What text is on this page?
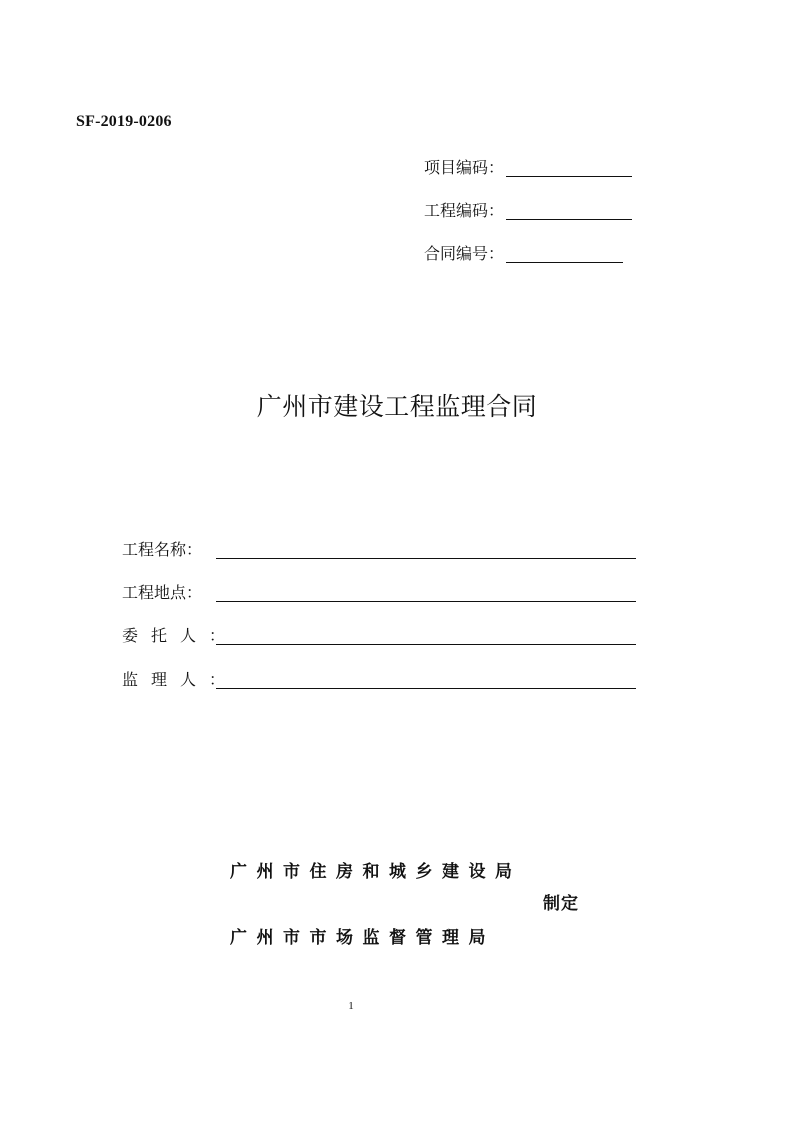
SF-2019-0206
项目编码：
工程编码：
合同编号：
广州市建设工程监理合同
工程名称：
工程地点：
委托人：
监理人：
广州市住房和城乡建设局
制定
广州市市场监督管理局
1
